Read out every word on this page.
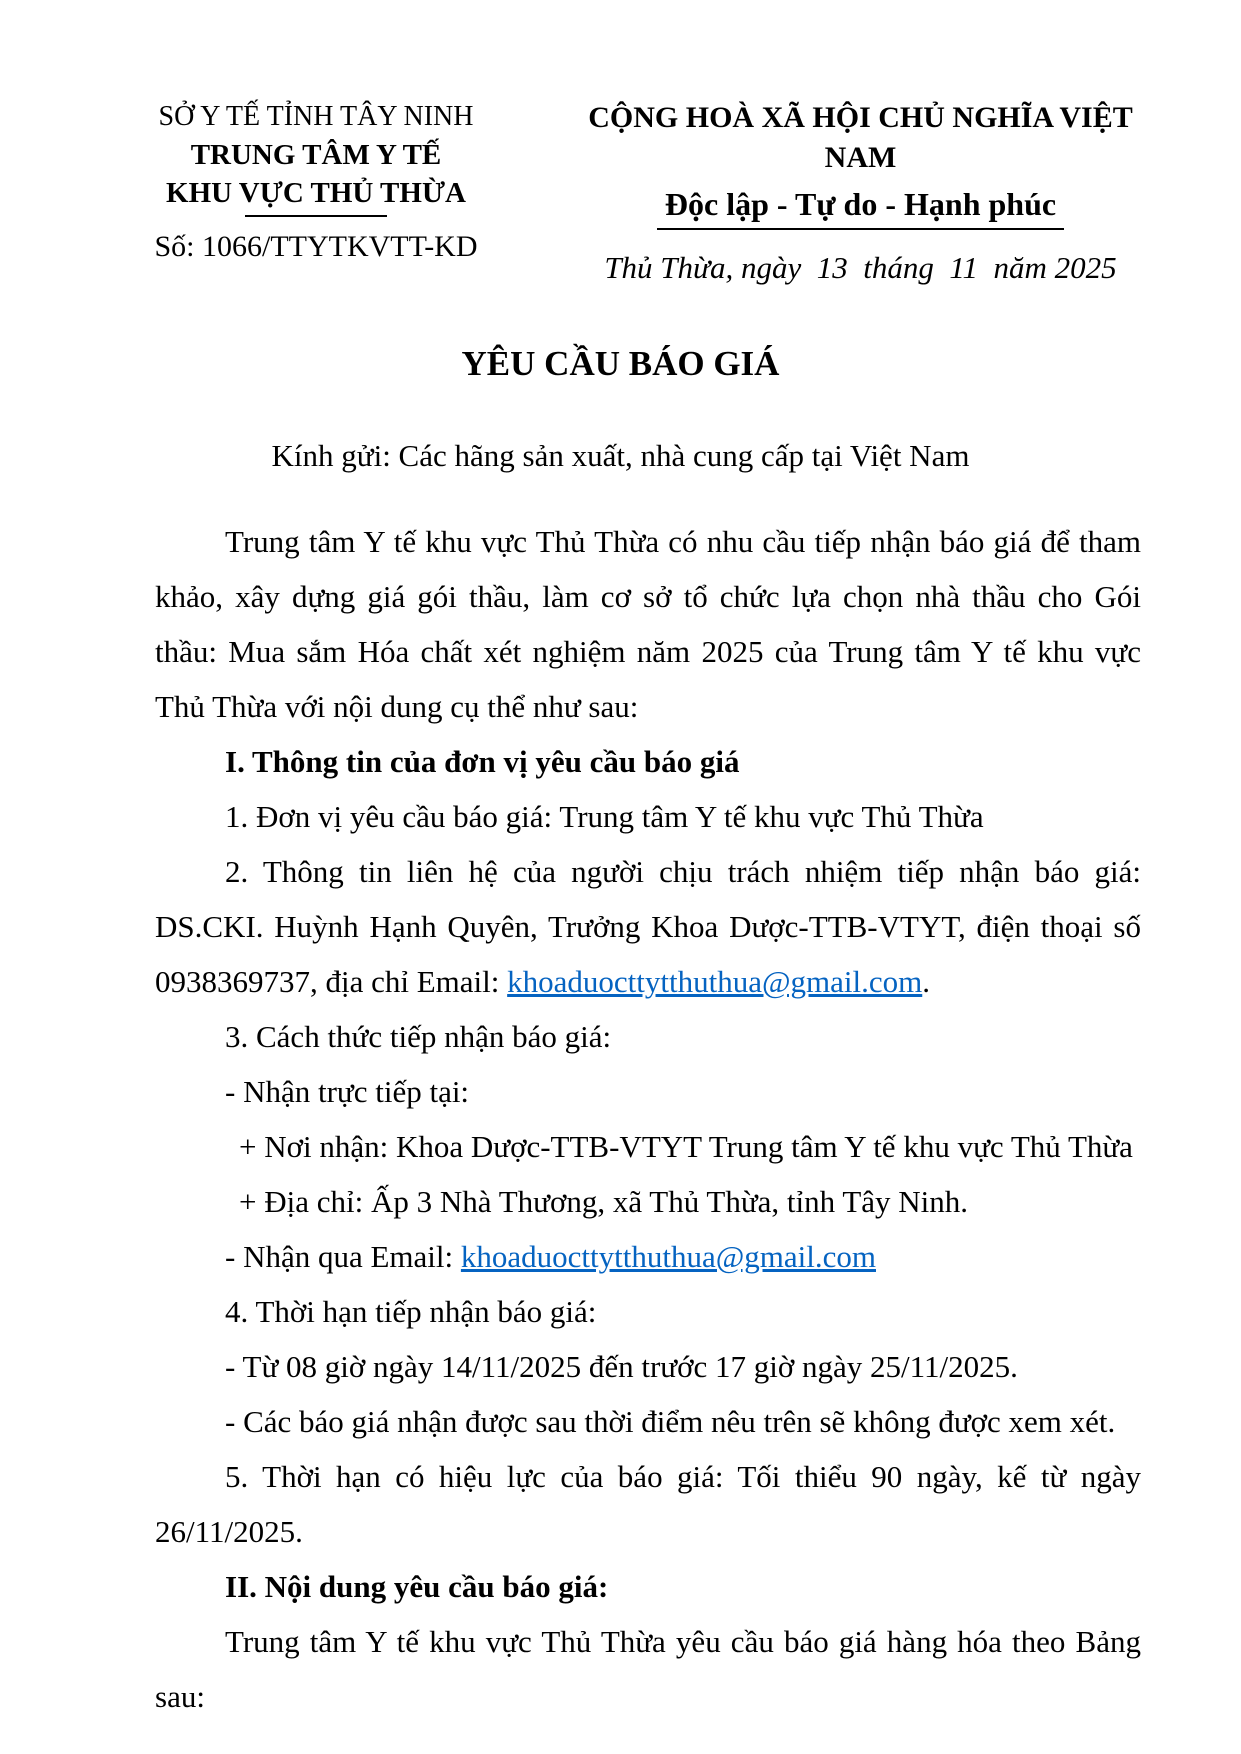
SỞ Y TẾ TỈNH TÂY NINH
TRUNG TÂM Y TẾ
KHU VỰC THỦ THỪA
Số: 1066/TTYTKVTT-KD
CỘNG HOÀ XÃ HỘI CHỦ NGHĨA VIỆT NAM
Độc lập - Tự do - Hạnh phúc
Thủ Thừa, ngày  13  tháng  11  năm 2025
YÊU CẦU BÁO GIÁ
Kính gửi: Các hãng sản xuất, nhà cung cấp tại Việt Nam

Trung tâm Y tế khu vực Thủ Thừa có nhu cầu tiếp nhận báo giá để tham khảo, xây dựng giá gói thầu, làm cơ sở tổ chức lựa chọn nhà thầu cho Gói thầu: Mua sắm Hóa chất xét nghiệm năm 2025 của Trung tâm Y tế khu vực Thủ Thừa với nội dung cụ thể như sau:

I. Thông tin của đơn vị yêu cầu báo giá

1. Đơn vị yêu cầu báo giá: Trung tâm Y tế khu vực Thủ Thừa

2. Thông tin liên hệ của người chịu trách nhiệm tiếp nhận báo giá: DS.CKI. Huỳnh Hạnh Quyên, Trưởng Khoa Dược-TTB-VTYT, điện thoại số 0938369737, địa chỉ Email: khoaduocttytthuthua@gmail.com.

3. Cách thức tiếp nhận báo giá:

- Nhận trực tiếp tại:

+ Nơi nhận: Khoa Dược-TTB-VTYT Trung tâm Y tế khu vực Thủ Thừa

+ Địa chỉ: Ấp 3 Nhà Thương, xã Thủ Thừa, tỉnh Tây Ninh.

- Nhận qua Email: khoaduocttytthuthua@gmail.com

4. Thời hạn tiếp nhận báo giá:

- Từ 08 giờ ngày 14/11/2025 đến trước 17 giờ ngày 25/11/2025.

- Các báo giá nhận được sau thời điểm nêu trên sẽ không được xem xét.

5. Thời hạn có hiệu lực của báo giá: Tối thiểu 90 ngày, kế từ ngày 26/11/2025.

II. Nội dung yêu cầu báo giá:

Trung tâm Y tế khu vực Thủ Thừa yêu cầu báo giá hàng hóa theo Bảng sau:
